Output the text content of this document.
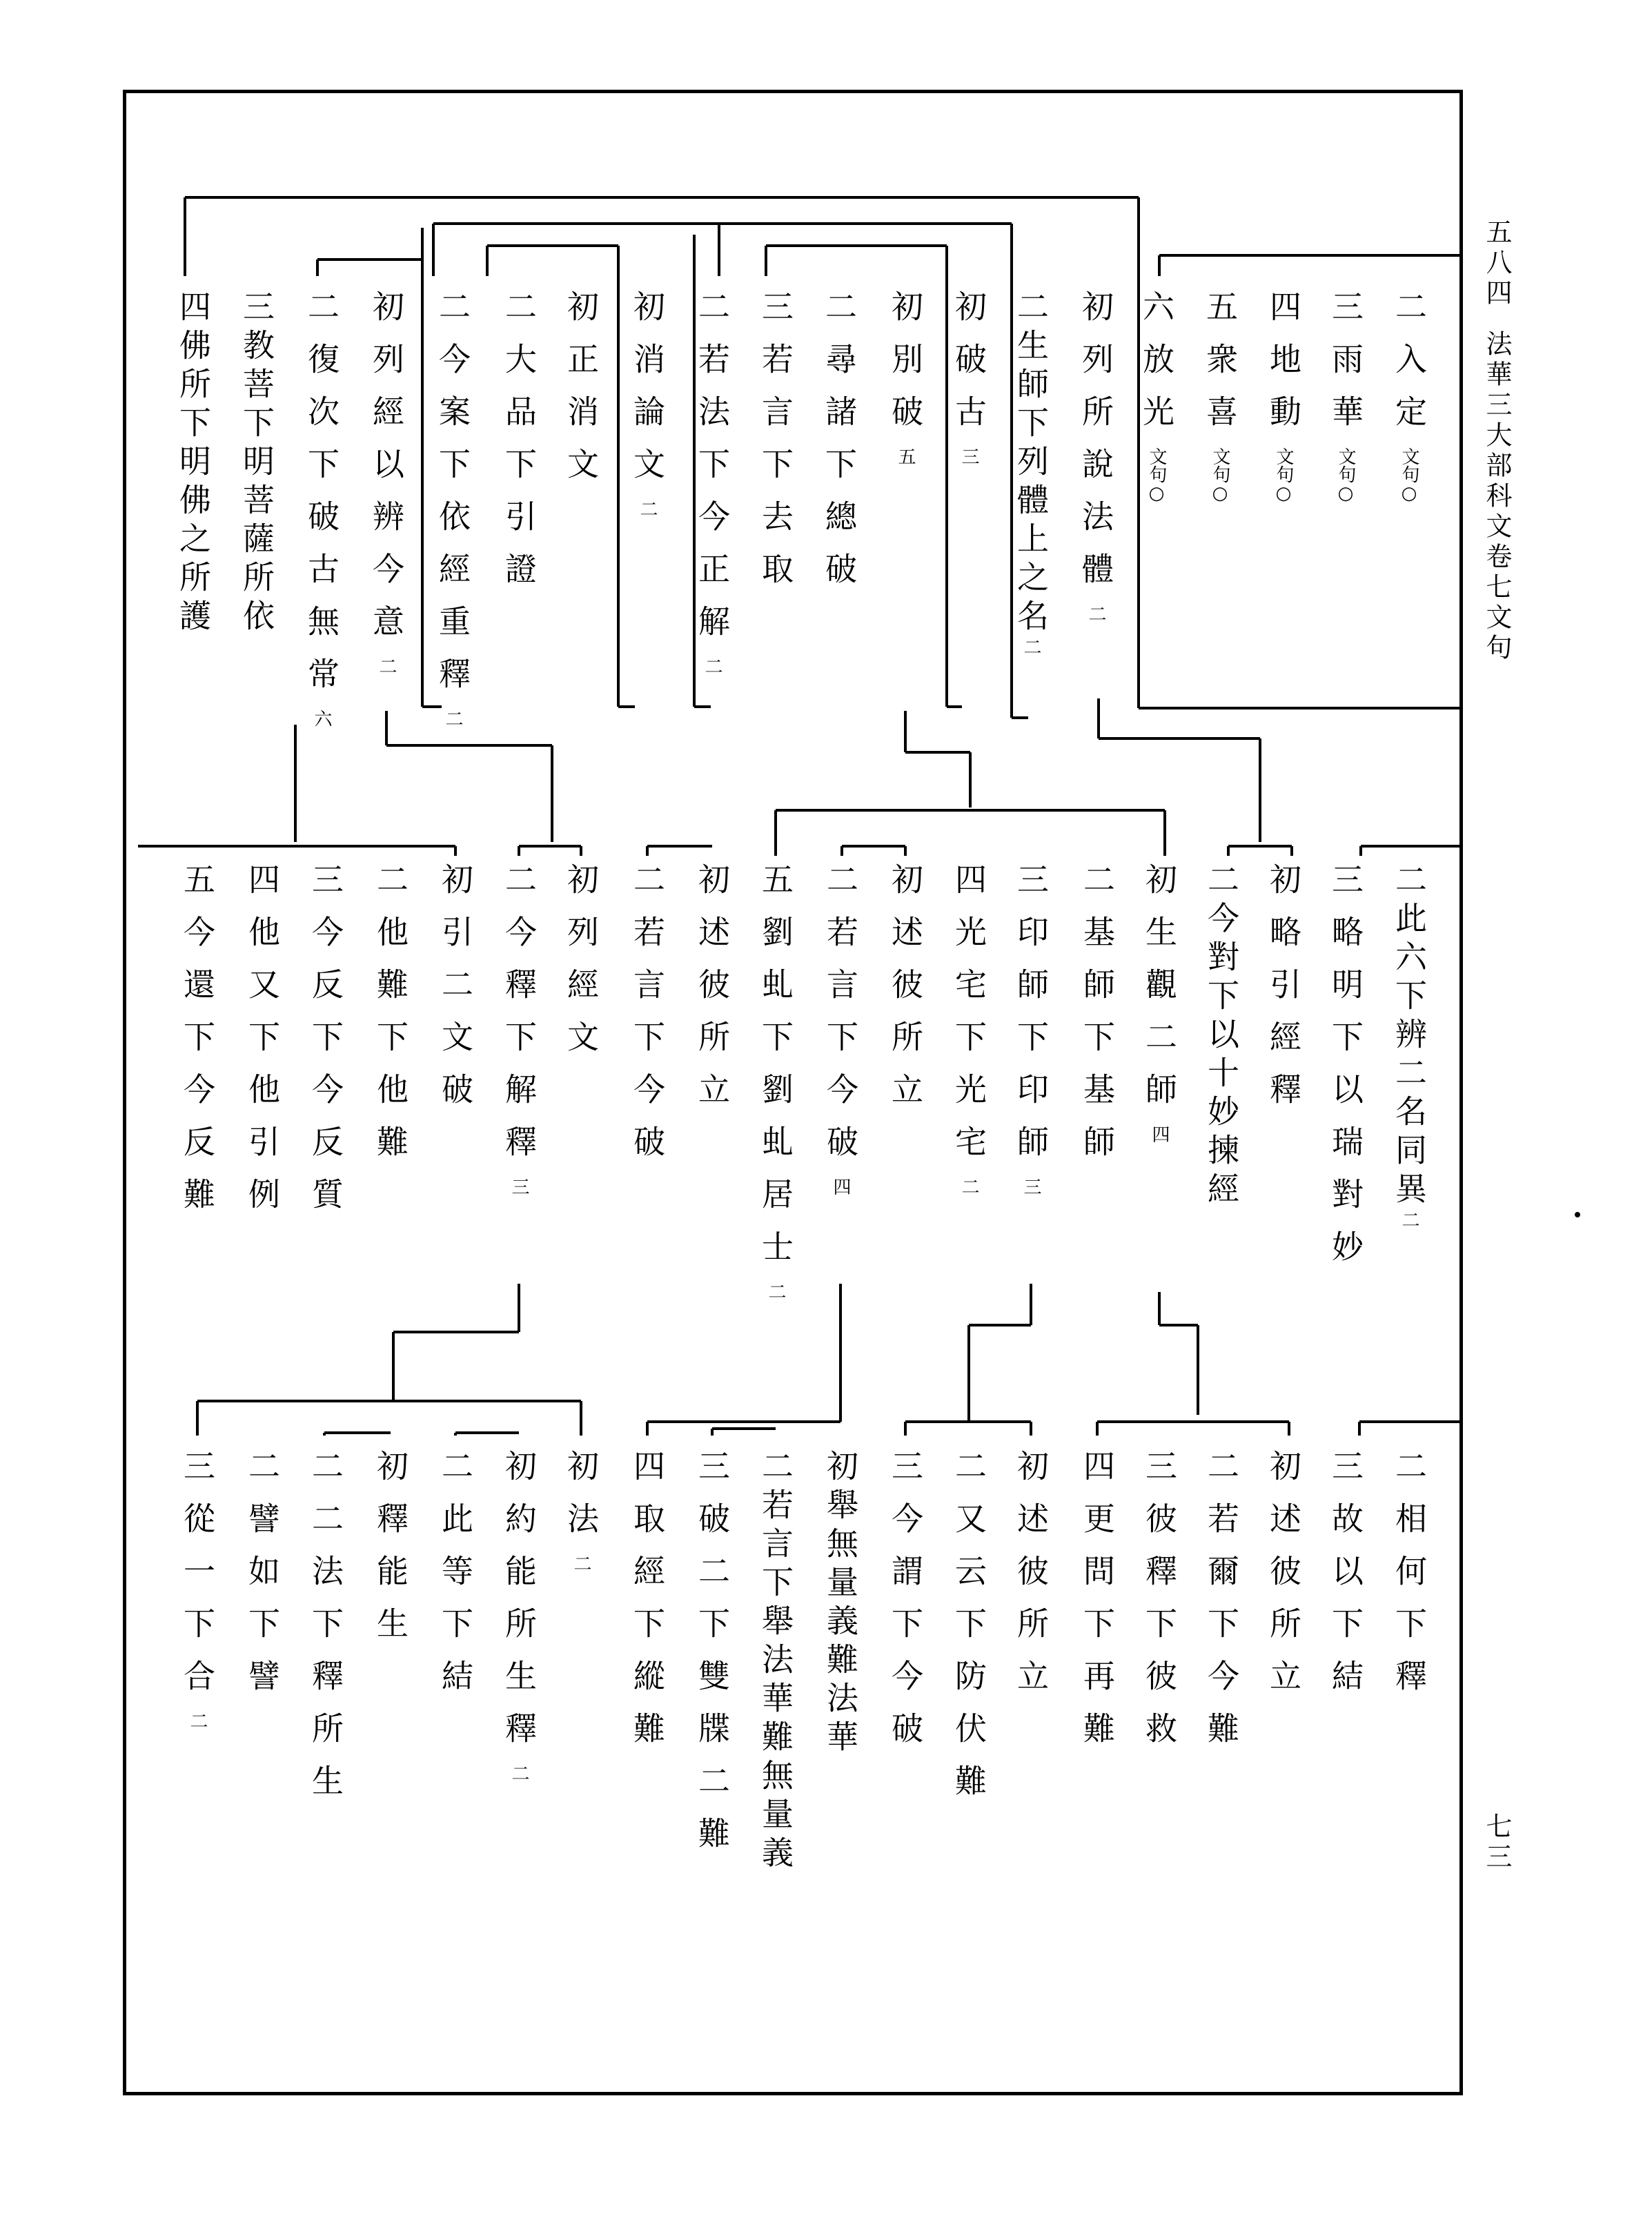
五八四
法華三大部科文卷七文句
七三
二入定文句○
三雨華文句○
四地動文句○
五衆喜文句○
六放光文句○
初列所說法體二
二生師下列體上之名二
初破古三
初別破五
二尋諸下總破
三若言下去取
二若法下今正解二
初消論文二
初正消文
二大品下引證
二今案下依經重釋二
初列經以辨今意二
二復次下破古無常六
三教菩下明菩薩所依
四佛所下明佛之所護
二此六下辨二名同異二
三略明下以瑞對妙
初略引經釋
二今對下以十妙揀經
初生觀二師四
二基師下基師
三印師下印師三
四光宅下光宅二
初述彼所立
二若言下今破四
五劉虬下劉虬居士二
初述彼所立
二若言下今破
初列經文
二今釋下解釋三
初引二文破
二他難下他難
三今反下今反質
四他又下他引例
五今還下今反難
二相何下釋
三故以下結
初述彼所立
二若爾下今難
三彼釋下彼救
四更問下再難
初述彼所立
二又云下防伏難
三今謂下今破
初舉無量義難法華
二若言下舉法華難無量義
三破二下雙牒二難
四取經下縱難
初法二
初約能所生釋二
二此等下結
初釋能生
二二法下釋所生
二譬如下譬
三從一下合二
